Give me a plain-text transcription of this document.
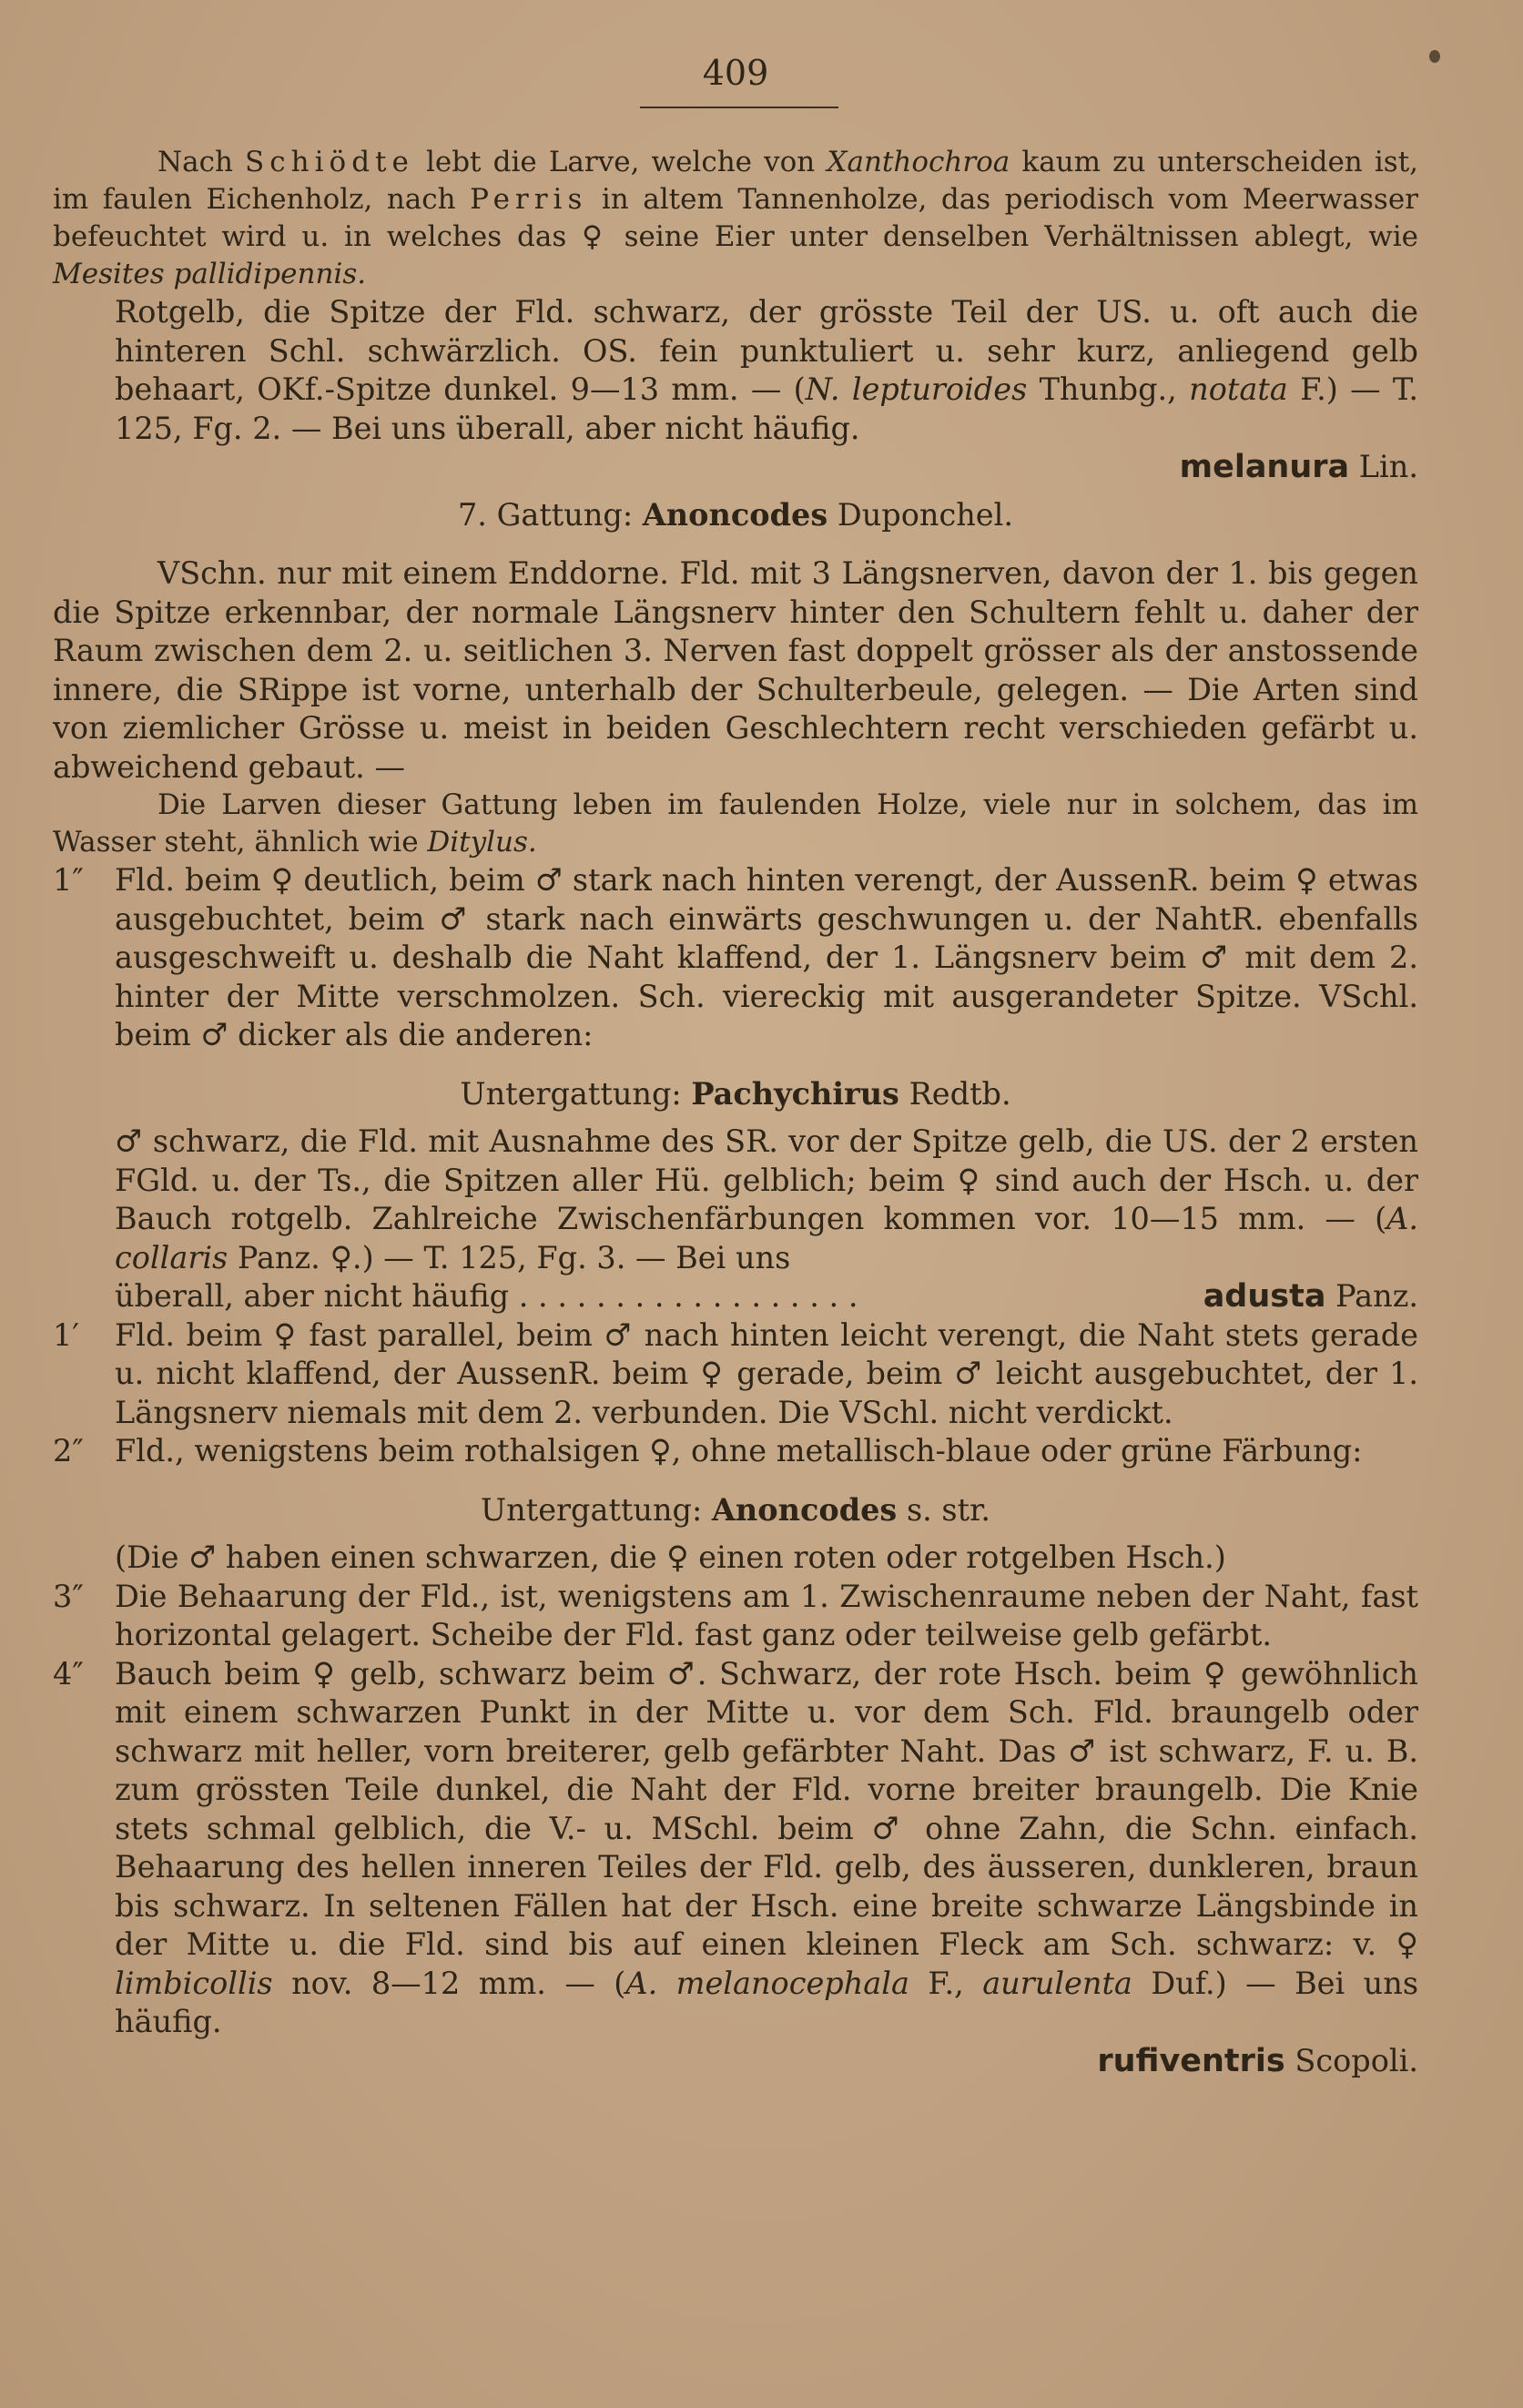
409

Nach Schiödte lebt die Larve, welche von Xanthochroa kaum zu unterscheiden ist, im faulen Eichenholz, nach Perris in altem Tannenholze, das periodisch vom Meerwasser befeuchtet wird u. in welches das ♀ seine Eier unter denselben Verhältnissen ablegt, wie Mesites pallidipennis.

Rotgelb, die Spitze der Fld. schwarz, der grösste Teil der US. u. oft auch die hinteren Schl. schwärzlich. OS. fein punktuliert u. sehr kurz, anliegend gelb behaart, OKf.-Spitze dunkel. 9—13 mm. — (N. lepturoides Thunbg., notata F.) — T. 125, Fg. 2. — Bei uns überall, aber nicht häufig.

melanura Lin.

7. Gattung: Anoncodes Duponchel.

VSchn. nur mit einem Enddorne. Fld. mit 3 Längsnerven, davon der 1. bis gegen die Spitze erkennbar, der normale Längsnerv hinter den Schultern fehlt u. daher der Raum zwischen dem 2. u. seitlichen 3. Nerven fast doppelt grösser als der anstossende innere, die SRippe ist vorne, unterhalb der Schulterbeule, gelegen. — Die Arten sind von ziemlicher Grösse u. meist in beiden Geschlechtern recht verschieden gefärbt u. abweichend gebaut. —

Die Larven dieser Gattung leben im faulenden Holze, viele nur in solchem, das im Wasser steht, ähnlich wie Ditylus.

1″ Fld. beim ♀ deutlich, beim ♂ stark nach hinten verengt, der AussenR. beim ♀ etwas ausgebuchtet, beim ♂ stark nach einwärts geschwungen u. der NahtR. ebenfalls ausgeschweift u. deshalb die Naht klaffend, der 1. Längsnerv beim ♂ mit dem 2. hinter der Mitte verschmolzen. Sch. viereckig mit ausgerandeter Spitze. VSchl. beim ♂ dicker als die anderen:

Untergattung: Pachychirus Redtb.

♂ schwarz, die Fld. mit Ausnahme des SR. vor der Spitze gelb, die US. der 2 ersten FGld. u. der Ts., die Spitzen aller Hü. gelblich; beim ♀ sind auch der Hsch. u. der Bauch rotgelb. Zahlreiche Zwischenfärbungen kommen vor. 10—15 mm. — (A. collaris Panz. ♀.) — T. 125, Fg. 3. — Bei uns

überall, aber nicht häufig . . . . . . . . . . . . . . . . . .	adusta Panz.

1′ Fld. beim ♀ fast parallel, beim ♂ nach hinten leicht verengt, die Naht stets gerade u. nicht klaffend, der AussenR. beim ♀ gerade, beim ♂ leicht ausgebuchtet, der 1. Längsnerv niemals mit dem 2. verbunden. Die VSchl. nicht verdickt.

2″ Fld., wenigstens beim rothalsigen ♀, ohne metallisch-blaue oder grüne Färbung:

Untergattung: Anoncodes s. str.

(Die ♂ haben einen schwarzen, die ♀ einen roten oder rotgelben Hsch.)

3″ Die Behaarung der Fld., ist, wenigstens am 1. Zwischenraume neben der Naht, fast horizontal gelagert. Scheibe der Fld. fast ganz oder teilweise gelb gefärbt.

4″ Bauch beim ♀ gelb, schwarz beim ♂. Schwarz, der rote Hsch. beim ♀ gewöhnlich mit einem schwarzen Punkt in der Mitte u. vor dem Sch. Fld. braungelb oder schwarz mit heller, vorn breiterer, gelb gefärbter Naht. Das ♂ ist schwarz, F. u. B. zum grössten Teile dunkel, die Naht der Fld. vorne breiter braungelb. Die Knie stets schmal gelblich, die V.- u. MSchl. beim ♂ ohne Zahn, die Schn. einfach. Behaarung des hellen inneren Teiles der Fld. gelb, des äusseren, dunkleren, braun bis schwarz. In seltenen Fällen hat der Hsch. eine breite schwarze Längsbinde in der Mitte u. die Fld. sind bis auf einen kleinen Fleck am Sch. schwarz: v. ♀ limbicollis nov. 8—12 mm. — (A. melanocephala F., aurulenta Duf.) — Bei uns häufig.

rufiventris Scopoli.
